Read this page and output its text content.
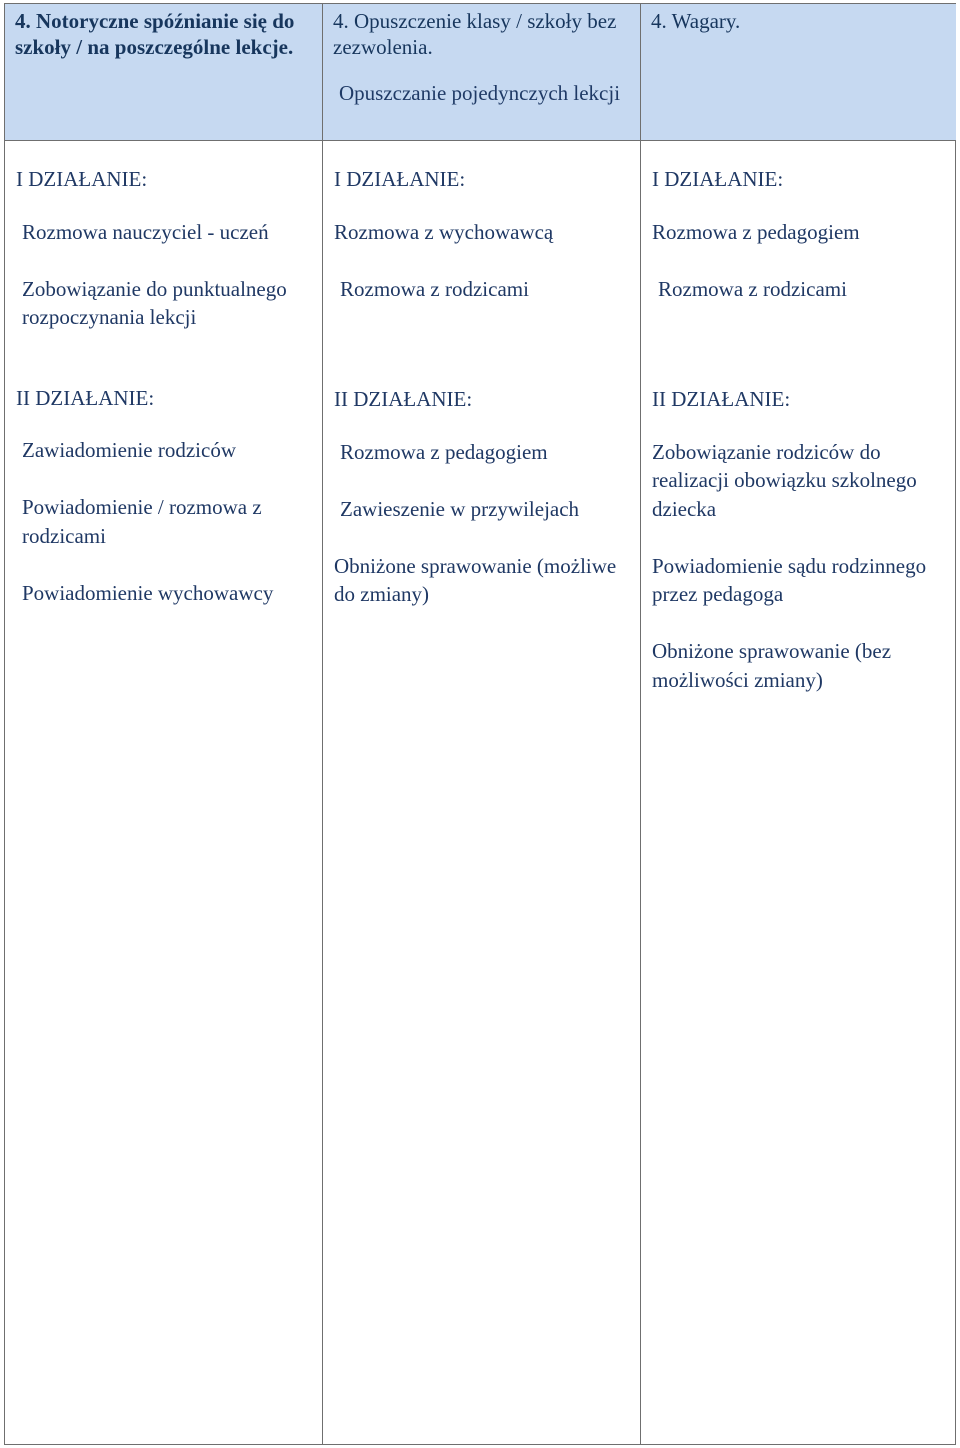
4. Notoryczne spóźnianie się do szkoły / na poszczególne lekcje.
I DZIAŁANIE:
Rozmowa nauczyciel - uczeń
Zobowiązanie do punktualnego rozpoczynania lekcji
II DZIAŁANIE:
Zawiadomienie rodziców
Powiadomienie / rozmowa z rodzicami
Powiadomienie wychowawcy
4. Opuszczenie klasy / szkoły bez zezwolenia.
Opuszczanie pojedynczych lekcji
I DZIAŁANIE:
Rozmowa z wychowawcą
Rozmowa z rodzicami
II DZIAŁANIE:
Rozmowa z pedagogiem
Zawieszenie w przywilejach
Obniżone sprawowanie (możliwe do zmiany)
4. Wagary.
I DZIAŁANIE:
Rozmowa z pedagogiem
Rozmowa z rodzicami
II DZIAŁANIE:
Zobowiązanie rodziców do realizacji obowiązku szkolnego dziecka
Powiadomienie sądu rodzinnego przez pedagoga
Obniżone sprawowanie (bez możliwości zmiany)
